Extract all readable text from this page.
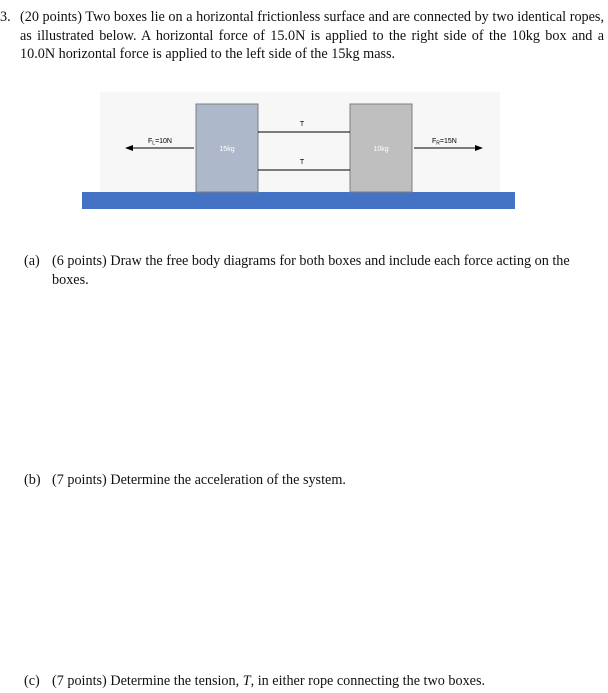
3. (20 points) Two boxes lie on a horizontal frictionless surface and are connected by two identical ropes, as illustrated below. A horizontal force of 15.0N is applied to the right side of the 10kg box and a 10.0N horizontal force is applied to the left side of the 15kg mass.
15kg	10kg
T
T
$F_L=10N$	$F_R=15N$
(a) (6 points) Draw the free body diagrams for both boxes and include each force acting on the boxes.
(b) (7 points) Determine the acceleration of the system.
(c) (7 points) Determine the tension, T, in either rope connecting the two boxes.
